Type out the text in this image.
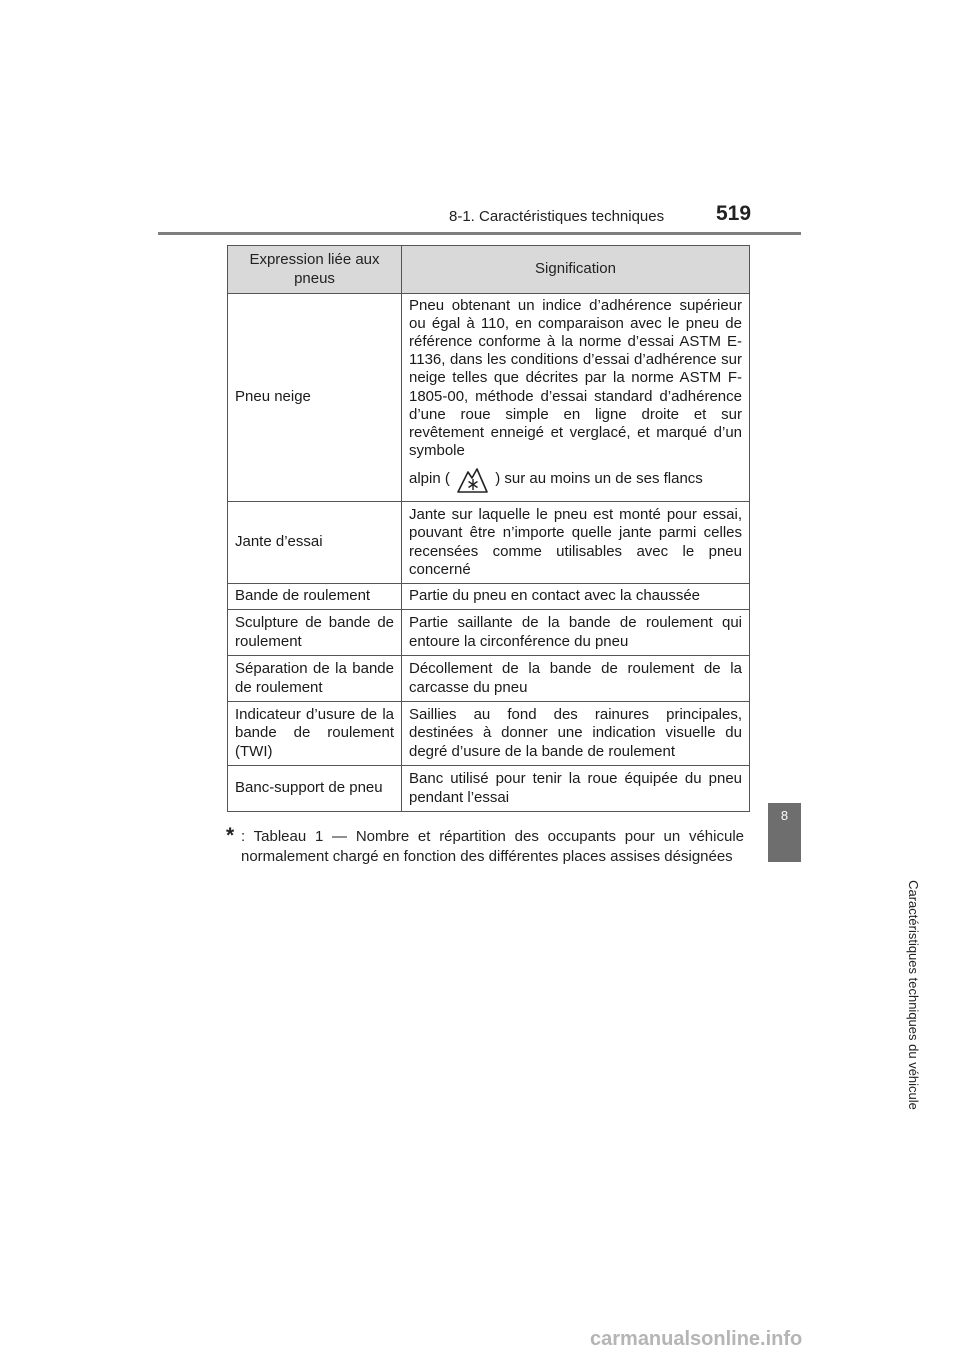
8-1. Caractéristiques techniques 519
8
Caractéristiques techniques du véhicule
Expression liée aux pneus	Signification
Pneu neige	Pneu obtenant un indice d’adhérence supérieur ou égal à 110, en comparaison avec le pneu de référence conforme à la norme d’essai ASTM E-1136, dans les conditions d’essai d’adhérence sur neige telles que décrites par la norme ASTM F-1805-00, méthode d’essai standard d’adhérence d’une roue simple en ligne droite et sur revêtement enneigé et verglacé, et marqué d’un symbole
alpin ( ) sur au moins un de ses flancs

Jante d’essai	Jante sur laquelle le pneu est monté pour essai, pouvant être n’importe quelle jante parmi celles recensées comme utilisables avec le pneu concerné
Bande de roulement	Partie du pneu en contact avec la chaussée
Sculpture de bande de roulement	Partie saillante de la bande de roulement qui entoure la circonférence du pneu
Séparation de la bande de roulement	Décollement de la bande de roulement de la carcasse du pneu
Indicateur d’usure de la bande de roulement (TWI)	Saillies au fond des rainures principales, destinées à donner une indication visuelle du degré d’usure de la bande de roulement
Banc-support de pneu	Banc utilisé pour tenir la roue équipée du pneu pendant l’essai
* : Tableau 1 — Nombre et répartition des occupants pour un véhicule normalement chargé en fonction des différentes places assises désignées
carmanualsonline.info
